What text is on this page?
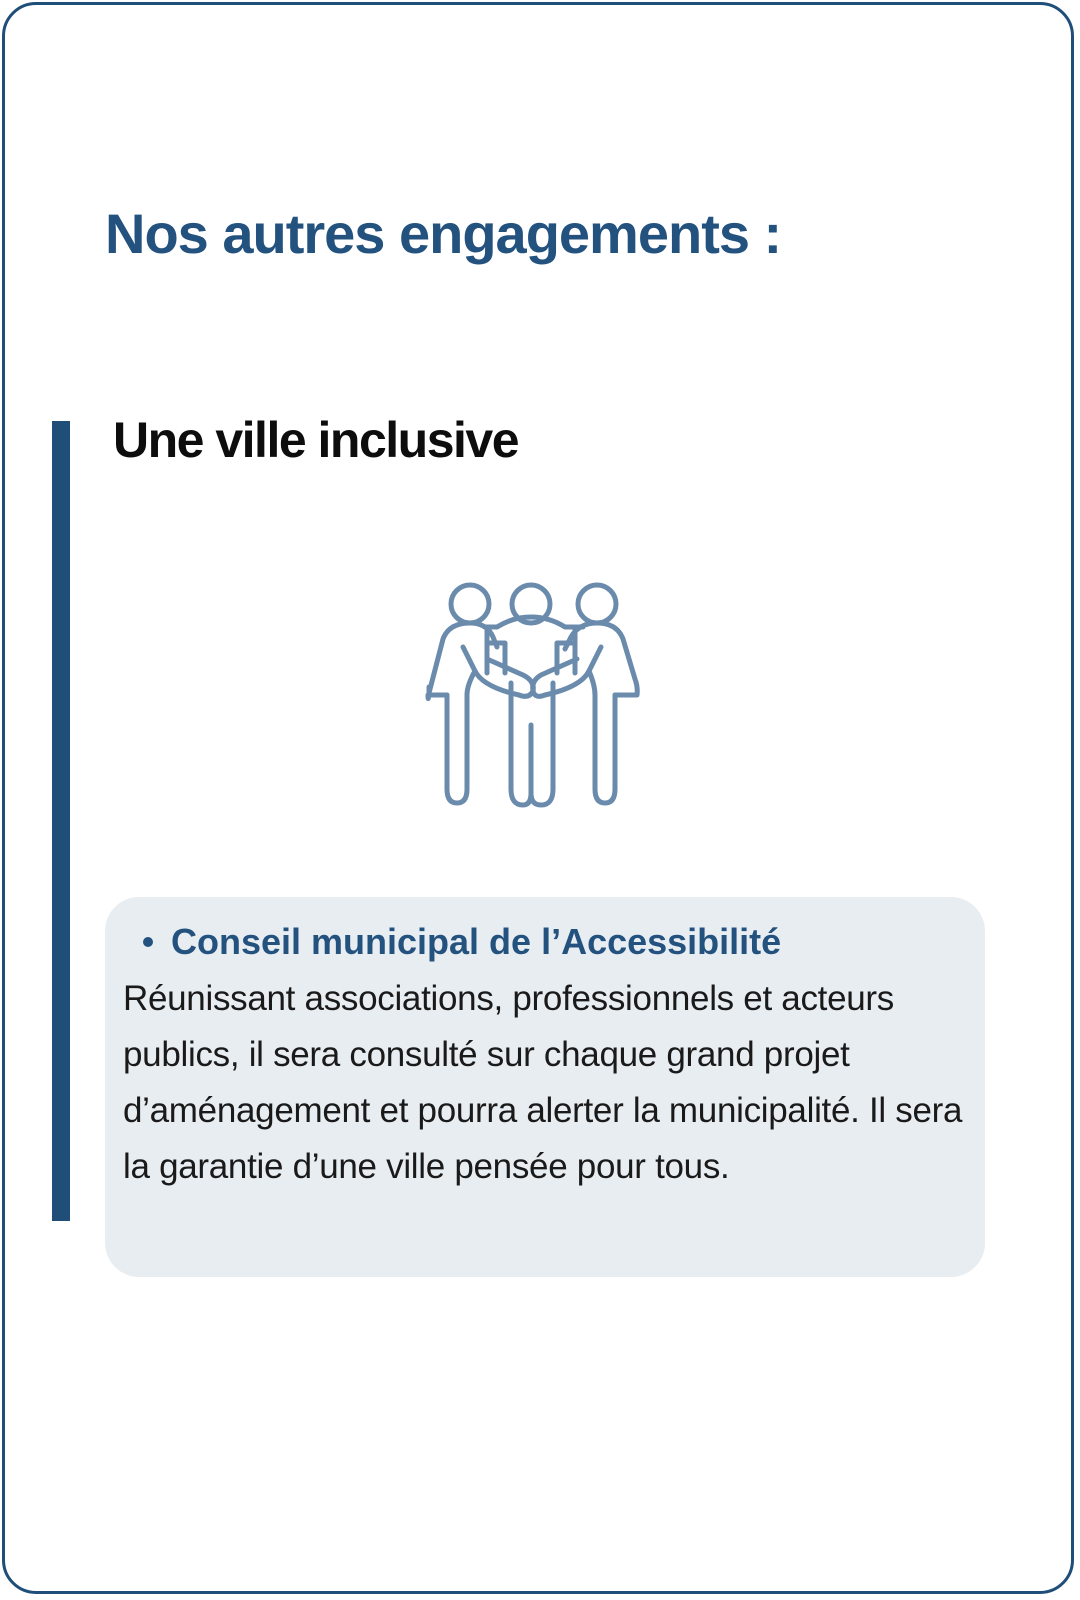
Nos autres engagements :
Une ville inclusive
Conseil municipal de l’Accessibilité

Réunissant associations, professionnels et acteurs publics, il sera consulté sur chaque grand projet d’aménagement et pourra alerter la municipalité. Il sera la garantie d’une ville pensée pour tous.
